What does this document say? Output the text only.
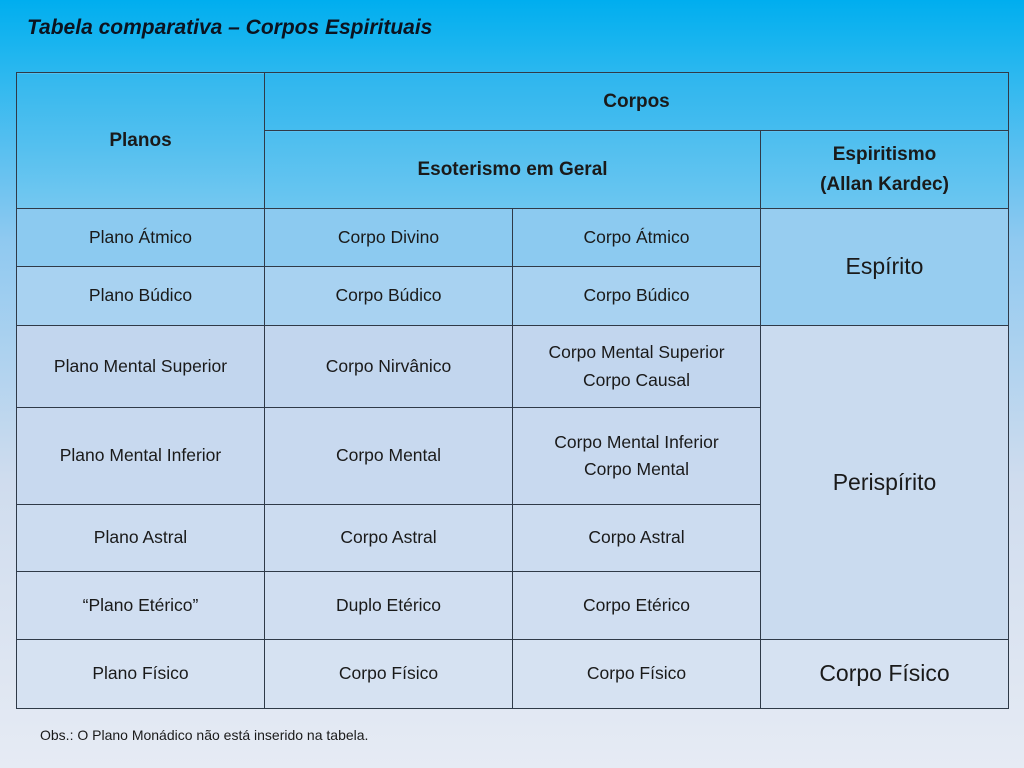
Tabela comparativa – Corpos Espirituais
Planos	Corpos		
	Esoterismo em Geral		Espiritismo
(Allan Kardec)

Plano Átmico	Corpo Divino	Corpo Átmico	Espírito
Plano Búdico	Corpo Búdico	Corpo Búdico	
Plano Mental Superior	Corpo Nirvânico	Corpo Mental Superior
Corpo Causal	Perispírito
Plano Mental Inferior	Corpo Mental	Corpo Mental Inferior
Corpo Mental	

Plano Astral	Corpo Astral	Corpo Astral	
“Plano Etérico”	Duplo Etérico	Corpo Etérico	
Plano Físico	Corpo Físico	Corpo Físico	Corpo Físico
Obs.: O Plano Monádico não está inserido na tabela.
